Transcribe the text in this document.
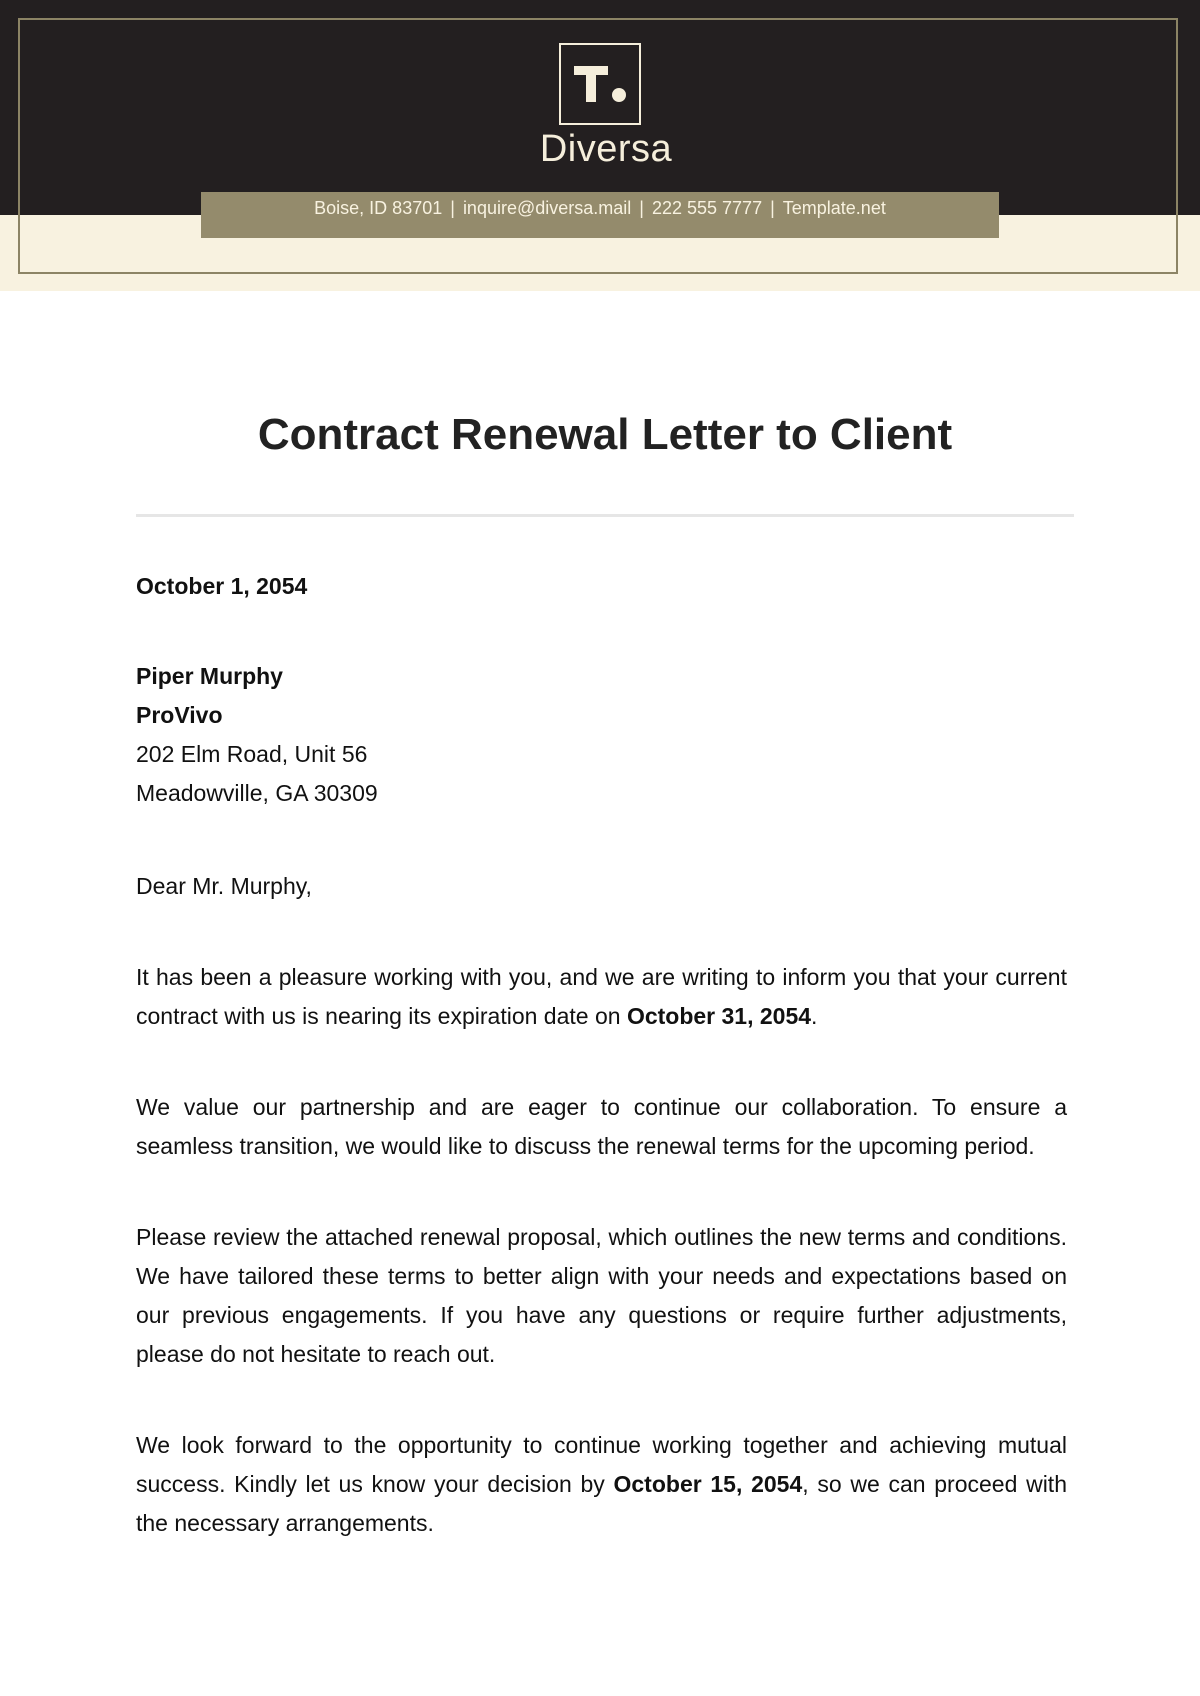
Diversa
Boise, ID 83701 | inquire@diversa.mail | 222 555 7777 | Template.net
Contract Renewal Letter to Client
October 1, 2054
Piper Murphy
ProVivo
202 Elm Road, Unit 56
Meadowville, GA 30309
Dear Mr. Murphy,

It has been a pleasure working with you, and we are writing to inform you that your current contract with us is nearing its expiration date on October 31, 2054.

We value our partnership and are eager to continue our collaboration. To ensure a seamless transition, we would like to discuss the renewal terms for the upcoming period.

Please review the attached renewal proposal, which outlines the new terms and conditions. We have tailored these terms to better align with your needs and expectations based on our previous engagements. If you have any questions or require further adjustments, please do not hesitate to reach out.

We look forward to the opportunity to continue working together and achieving mutual success. Kindly let us know your decision by October 15, 2054, so we can proceed with the necessary arrangements.
